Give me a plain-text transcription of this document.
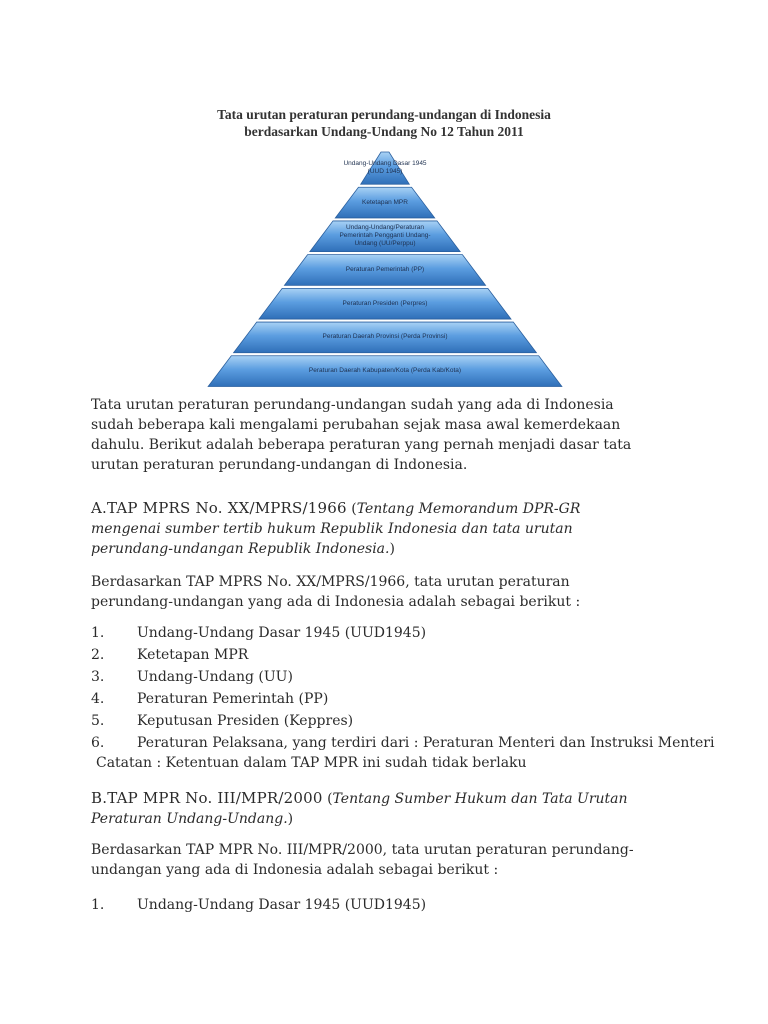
Tata urutan peraturan perundang-undangan di Indonesia
berdasarkan Undang-Undang No 12 Tahun 2011
Undang-Undang Dasar 1945
(UUD 1945)
Ketetapan MPR
Undang-Undang/Peraturan
Pemerintah Pengganti Undang-
Undang (UU/Perppu)
Peraturan Pemerintah (PP)
Peraturan Presiden (Perpres)
Peraturan Daerah Provinsi (Perda Provinsi)
Peraturan Daerah Kabupaten/Kota (Perda Kab/Kota)
Tata urutan peraturan perundang-undangan sudah yang ada di Indonesia sudah beberapa kali mengalami perubahan sejak masa awal kemerdekaan dahulu. Berikut adalah beberapa peraturan yang pernah menjadi dasar tata urutan peraturan perundang-undangan di Indonesia.
A.TAP MPRS No. XX/MPRS/1966 (Tentang Memorandum DPR-GR mengenai sumber tertib hukum Republik Indonesia dan tata urutan perundang-undangan Republik Indonesia.)
Berdasarkan TAP MPRS No. XX/MPRS/1966, tata urutan peraturan perundang-undangan yang ada di Indonesia adalah sebagai berikut :
1. Undang-Undang Dasar 1945 (UUD1945)
2. Ketetapan MPR
3. Undang-Undang (UU)
4. Peraturan Pemerintah (PP)
5. Keputusan Presiden (Keppres)
6. Peraturan Pelaksana, yang terdiri dari : Peraturan Menteri dan Instruksi Menteri
Catatan : Ketentuan dalam TAP MPR ini sudah tidak berlaku
B.TAP MPR No. III/MPR/2000 (Tentang Sumber Hukum dan Tata Urutan Peraturan Undang-Undang.)
Berdasarkan TAP MPR No. III/MPR/2000, tata urutan peraturan perundang-undangan yang ada di Indonesia adalah sebagai berikut :
1. Undang-Undang Dasar 1945 (UUD1945)
